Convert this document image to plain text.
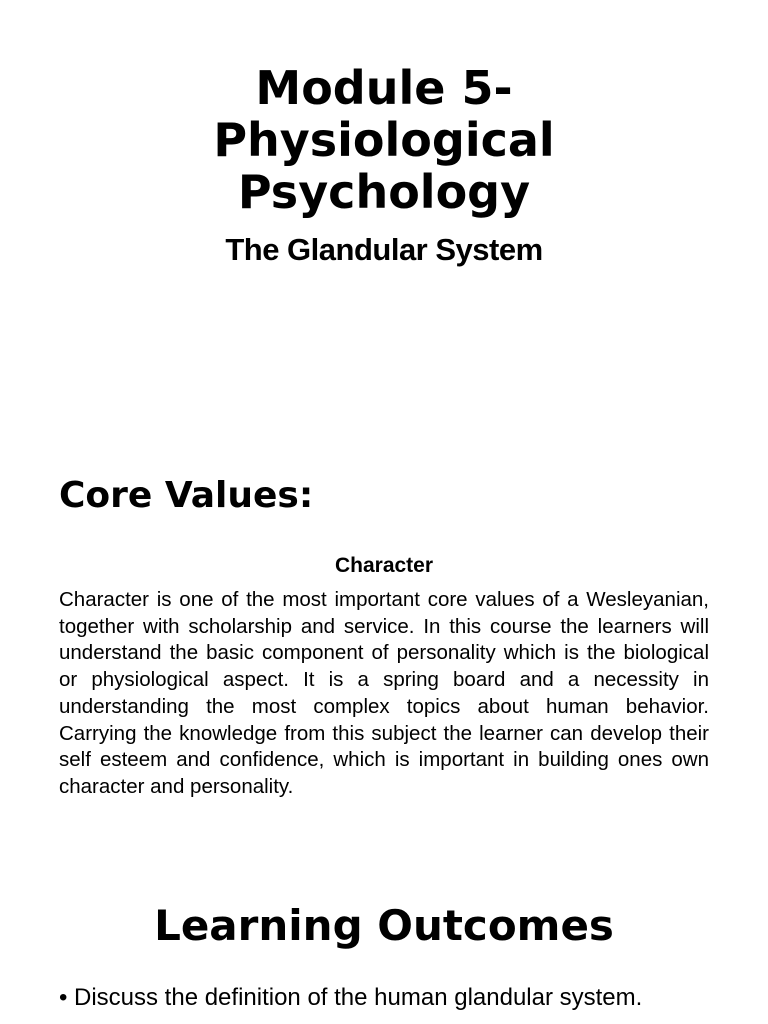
Module 5-
Physiological
Psychology
The Glandular System
Core Values:
Character

Character is one of the most important core values of a Wesleyanian, together with scholarship and service. In this course the learners will understand the basic component of personality which is the biological or physiological aspect. It is a spring board and a necessity in understanding the most complex topics about human behavior. Carrying the knowledge from this subject the learner can develop their self esteem and confidence, which is important in building ones own character and personality.

Learning Outcomes
• Discuss the definition of the human glandular system.
